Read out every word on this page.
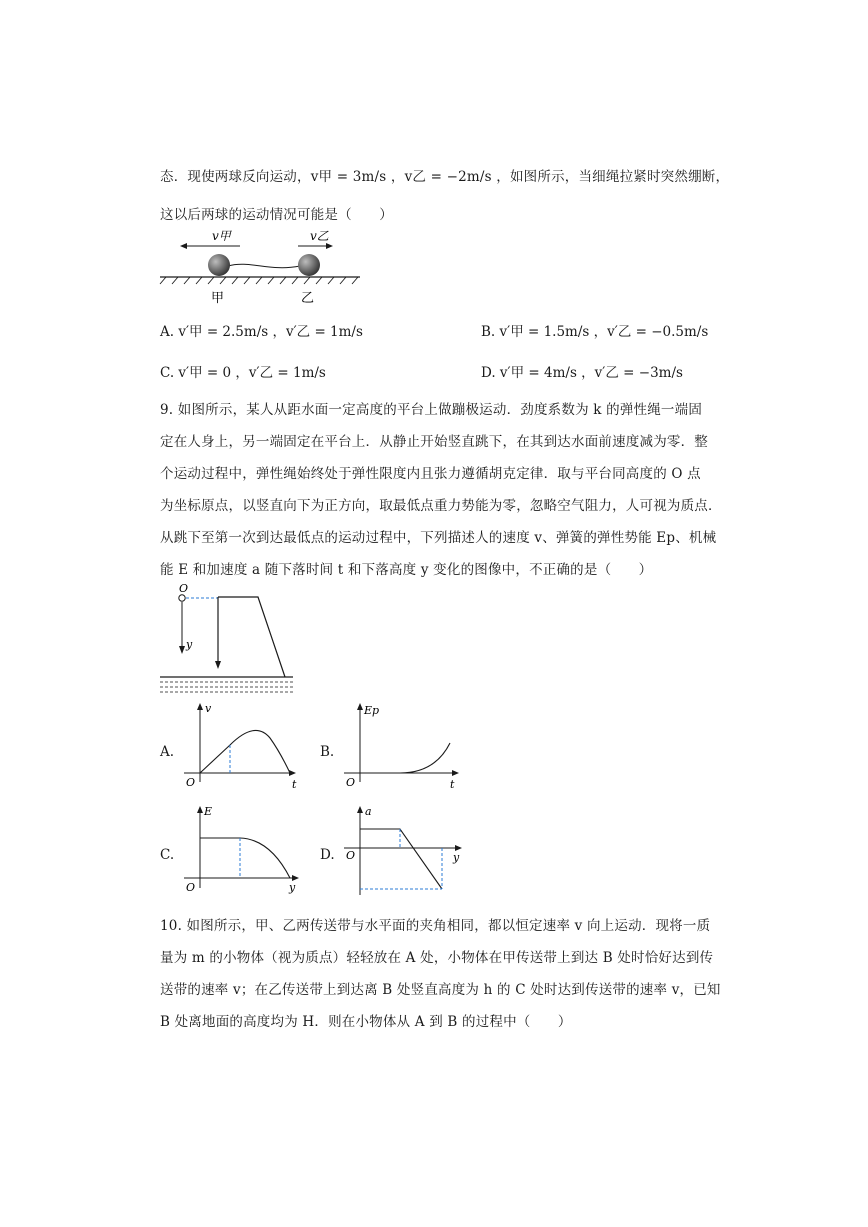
态．现使两球反向运动，v甲 = 3m/s ，v乙 = −2m/s ，如图所示，当细绳拉紧时突然绷断，
这以后两球的运动情况可能是（　　）
v甲	v乙
甲	乙
A. v′甲 = 2.5m/s ，v′乙 = 1m/s	B. v′甲 = 1.5m/s ，v′乙 = −0.5m/s
C. v′甲 = 0 ，v′乙 = 1m/s	D. v′甲 = 4m/s ，v′乙 = −3m/s
9. 如图所示，某人从距水面一定高度的平台上做蹦极运动．劲度系数为 k 的弹性绳一端固
定在人身上，另一端固定在平台上．从静止开始竖直跳下，在其到达水面前速度减为零．整
个运动过程中，弹性绳始终处于弹性限度内且张力遵循胡克定律．取与平台同高度的 O 点
为坐标原点，以竖直向下为正方向，取最低点重力势能为零，忽略空气阻力，人可视为质点．
从跳下至第一次到达最低点的运动过程中，下列描述人的速度 v、弹簧的弹性势能 Ep、机械
能 E 和加速度 a 随下落时间 t 和下落高度 y 变化的图像中，不正确的是（　　）
O
y
A.
v
t
O
B.
Ep
t
O
C.
E
y
O
D.
a
y
O
10. 如图所示，甲、乙两传送带与水平面的夹角相同，都以恒定速率 v 向上运动．现将一质
量为 m 的小物体（视为质点）轻轻放在 A 处，小物体在甲传送带上到达 B 处时恰好达到传
送带的速率 v；在乙传送带上到达离 B 处竖直高度为 h 的 C 处时达到传送带的速率 v，已知
B 处离地面的高度均为 H．则在小物体从 A 到 B 的过程中（　　）
